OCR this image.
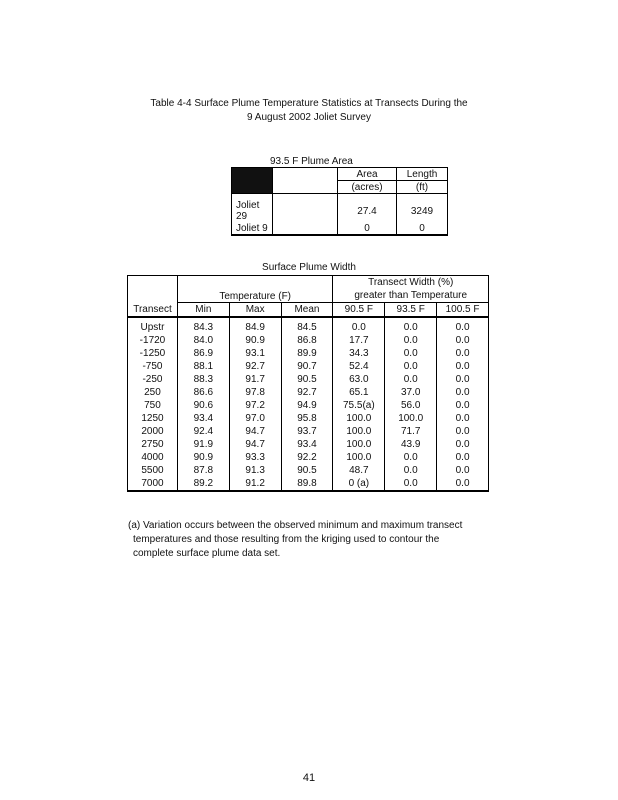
Table 4-4 Surface Plume Temperature Statistics at Transects During the
9 August 2002 Joliet Survey
93.5 F Plume Area
		Area	Length
		(acres)	(ft)
Joliet 29		27.4	3249
Joliet 9		0	0
Surface Plume Width
	Temperature (F)			Transect Width (%)		
				greater than Temperature		
Transect	Min	Max	Mean	90.5 F	93.5 F	100.5 F
Upstr	84.3	84.9	84.5	0.0	0.0	0.0
-1720	84.0	90.9	86.8	17.7	0.0	0.0
-1250	86.9	93.1	89.9	34.3	0.0	0.0
-750	88.1	92.7	90.7	52.4	0.0	0.0
-250	88.3	91.7	90.5	63.0	0.0	0.0
250	86.6	97.8	92.7	65.1	37.0	0.0
750	90.6	97.2	94.9	75.5(a)	56.0	0.0
1250	93.4	97.0	95.8	100.0	100.0	0.0
2000	92.4	94.7	93.7	100.0	71.7	0.0
2750	91.9	94.7	93.4	100.0	43.9	0.0
4000	90.9	93.3	92.2	100.0	0.0	0.0
5500	87.8	91.3	90.5	48.7	0.0	0.0
7000	89.2	91.2	89.8	0 (a)	0.0	0.0
(a) Variation occurs between the observed minimum and maximum transect
temperatures and those resulting from the kriging used to contour the
complete surface plume data set.
41
